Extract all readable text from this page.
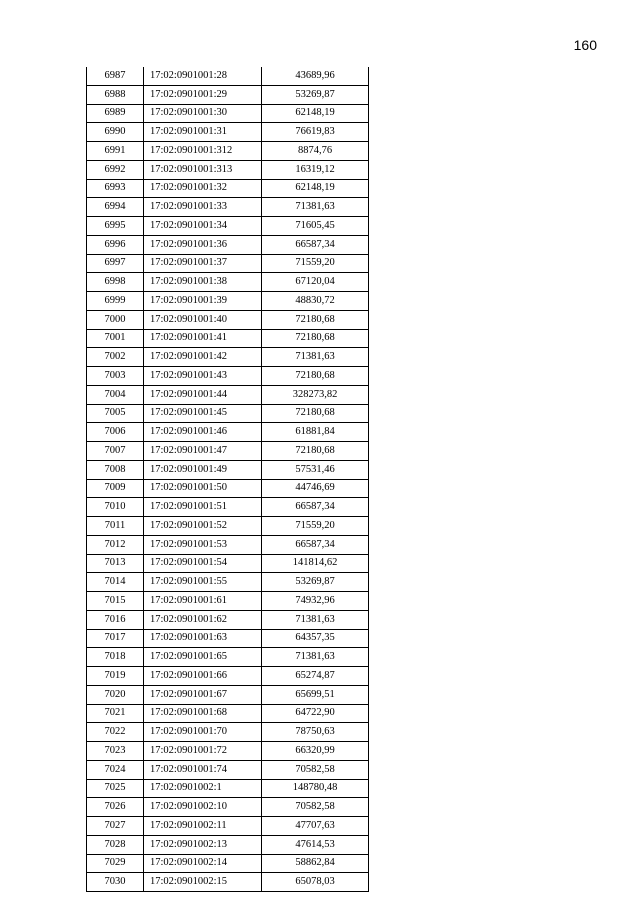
160
6987	17:02:0901001:28	43689,96
6988	17:02:0901001:29	53269,87
6989	17:02:0901001:30	62148,19
6990	17:02:0901001:31	76619,83
6991	17:02:0901001:312	8874,76
6992	17:02:0901001:313	16319,12
6993	17:02:0901001:32	62148,19
6994	17:02:0901001:33	71381,63
6995	17:02:0901001:34	71605,45
6996	17:02:0901001:36	66587,34
6997	17:02:0901001:37	71559,20
6998	17:02:0901001:38	67120,04
6999	17:02:0901001:39	48830,72
7000	17:02:0901001:40	72180,68
7001	17:02:0901001:41	72180,68
7002	17:02:0901001:42	71381,63
7003	17:02:0901001:43	72180,68
7004	17:02:0901001:44	328273,82
7005	17:02:0901001:45	72180,68
7006	17:02:0901001:46	61881,84
7007	17:02:0901001:47	72180,68
7008	17:02:0901001:49	57531,46
7009	17:02:0901001:50	44746,69
7010	17:02:0901001:51	66587,34
7011	17:02:0901001:52	71559,20
7012	17:02:0901001:53	66587,34
7013	17:02:0901001:54	141814,62
7014	17:02:0901001:55	53269,87
7015	17:02:0901001:61	74932,96
7016	17:02:0901001:62	71381,63
7017	17:02:0901001:63	64357,35
7018	17:02:0901001:65	71381,63
7019	17:02:0901001:66	65274,87
7020	17:02:0901001:67	65699,51
7021	17:02:0901001:68	64722,90
7022	17:02:0901001:70	78750,63
7023	17:02:0901001:72	66320,99
7024	17:02:0901001:74	70582,58
7025	17:02:0901002:1	148780,48
7026	17:02:0901002:10	70582,58
7027	17:02:0901002:11	47707,63
7028	17:02:0901002:13	47614,53
7029	17:02:0901002:14	58862,84
7030	17:02:0901002:15	65078,03
